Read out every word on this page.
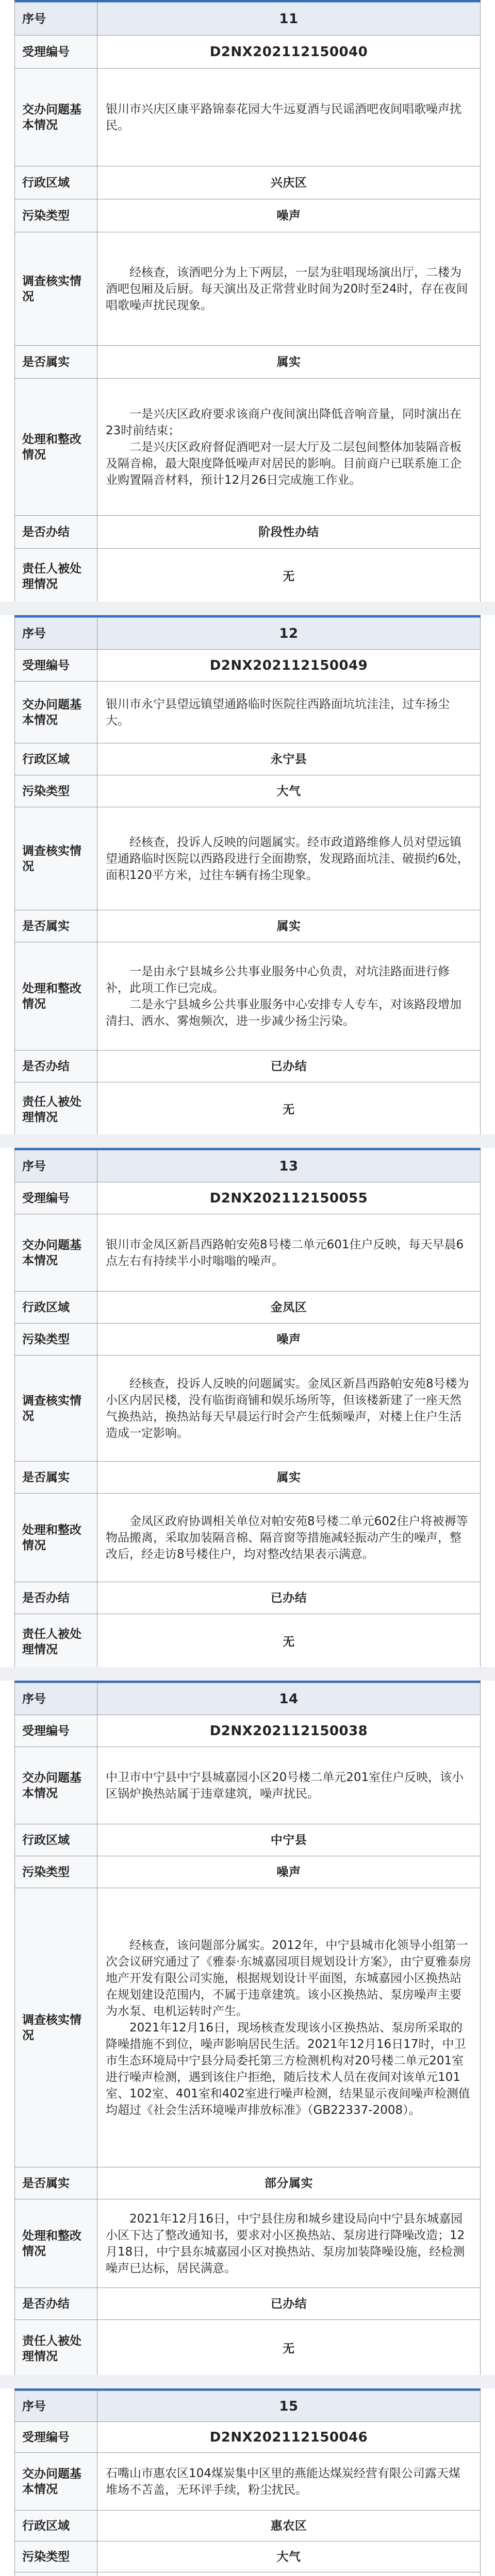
序号	11
受理编号	D2NX202112150040
交办问题基本情况	银川市兴庆区康平路锦泰花园大牛远夏酒与民谣酒吧夜间唱歌噪声扰民。
行政区域	兴庆区
污染类型	噪声
调查核实情况	经核查，该酒吧分为上下两层，一层为驻唱现场演出厅，二楼为酒吧包厢及后厨。每天演出及正常营业时间为20时至24时，存在夜间唱歌噪声扰民现象。

是否属实	属实
处理和整改情况	一是兴庆区政府要求该商户夜间演出降低音响音量，同时演出在23时前结束；

二是兴庆区政府督促酒吧对一层大厅及二层包间整体加装隔音板及隔音棉，最大限度降低噪声对居民的影响。目前商户已联系施工企业购置隔音材料，预计12月26日完成施工作业。

是否办结	阶段性办结
责任人被处理情况	无
序号	12
受理编号	D2NX202112150049
交办问题基本情况	银川市永宁县望远镇望通路临时医院往西路面坑坑洼洼，过车扬尘大。
行政区域	永宁县
污染类型	大气
调查核实情况	经核查，投诉人反映的问题属实。经市政道路维修人员对望远镇望通路临时医院以西路段进行全面勘察，发现路面坑洼、破损约6处，面积120平方米，过往车辆有扬尘现象。

是否属实	属实
处理和整改情况	一是由永宁县城乡公共事业服务中心负责，对坑洼路面进行修补，此项工作已完成。

二是永宁县城乡公共事业服务中心安排专人专车，对该路段增加清扫、洒水、雾炮频次，进一步减少扬尘污染。

是否办结	已办结
责任人被处理情况	无
序号	13
受理编号	D2NX202112150055
交办问题基本情况	银川市金凤区新昌西路帕安苑8号楼二单元601住户反映，每天早晨6点左右有持续半小时嗡嗡的噪声。
行政区域	金凤区
污染类型	噪声
调查核实情况	经核查，投诉人反映的问题属实。金凤区新昌西路帕安苑8号楼为小区内居民楼，没有临街商铺和娱乐场所等，但该楼新建了一座天然气换热站，换热站每天早晨运行时会产生低频噪声，对楼上住户生活造成一定影响。

是否属实	属实
处理和整改情况	金凤区政府协调相关单位对帕安苑8号楼二单元602住户将被褥等物品搬离，采取加装隔音棉、隔音窗等措施减轻振动产生的噪声，整改后，经走访8号楼住户，均对整改结果表示满意。

是否办结	已办结
责任人被处理情况	无
序号	14
受理编号	D2NX202112150038
交办问题基本情况	中卫市中宁县中宁县城嘉园小区20号楼二单元201室住户反映，该小区锅炉换热站属于违章建筑，噪声扰民。
行政区域	中宁县
污染类型	噪声
调查核实情况	经核查，该问题部分属实。2012年，中宁县城市化领导小组第一次会议研究通过了《雅泰·东城嘉园项目规划设计方案》，由宁夏雅泰房地产开发有限公司实施，根据规划设计平面图，东城嘉园小区换热站在规划建设范围内，不属于违章建筑。该小区换热站、泵房噪声主要为水泵、电机运转时产生。

2021年12月16日，现场核查发现该小区换热站、泵房所采取的降噪措施不到位，噪声影响居民生活。2021年12月16日17时，中卫市生态环境局中宁县分局委托第三方检测机构对20号楼二单元201室进行噪声检测，遇到该住户拒绝，随后技术人员在夜间对该单元101室、102室、401室和402室进行噪声检测，结果显示夜间噪声检测值均超过《社会生活环境噪声排放标准》（GB22337-2008）。

是否属实	部分属实
处理和整改情况	2021年12月16日，中宁县住房和城乡建设局向中宁县东城嘉园小区下达了整改通知书，要求对小区换热站、泵房进行降噪改造；12月18日，中宁县东城嘉园小区对换热站、泵房加装降噪设施，经检测噪声已达标，居民满意。

是否办结	已办结
责任人被处理情况	无
序号	15
受理编号	D2NX202112150046
交办问题基本情况	石嘴山市惠农区104煤炭集中区里的燕能达煤炭经营有限公司露天煤堆场不苫盖，无环评手续，粉尘扰民。
行政区域	惠农区
污染类型	大气
